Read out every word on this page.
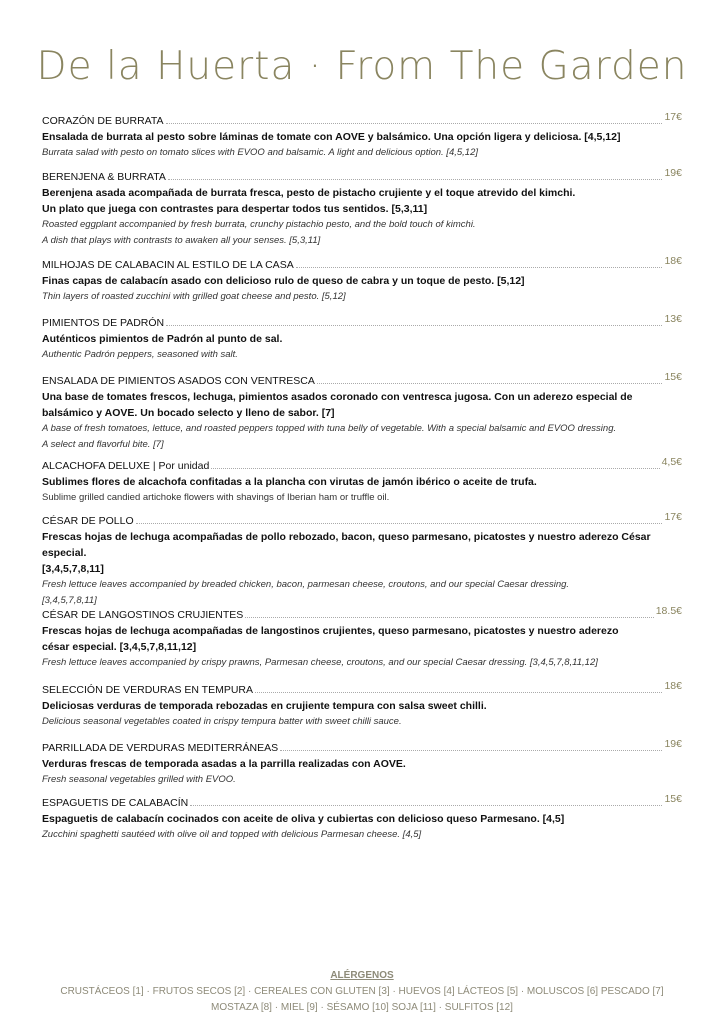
De la Huerta · From The Garden
CORAZÓN DE BURRATA	17€
Ensalada de burrata al pesto sobre láminas de tomate con AOVE y balsámico. Una opción ligera y deliciosa. [4,5,12]
Burrata salad with pesto on tomato slices with EVOO and balsamic. A light and delicious option. [4,5,12]
BERENJENA & BURRATA	19€
Berenjena asada acompañada de burrata fresca, pesto de pistacho crujiente y el toque atrevido del kimchi.
Un plato que juega con contrastes para despertar todos tus sentidos. [5,3,11]
Roasted eggplant accompanied by fresh burrata, crunchy pistachio pesto, and the bold touch of kimchi.
A dish that plays with contrasts to awaken all your senses. [5,3,11]
MILHOJAS DE CALABACIN AL ESTILO DE LA CASA	18€
Finas capas de calabacín asado con delicioso rulo de queso de cabra y un toque de pesto. [5,12]
Thin layers of roasted zucchini with grilled goat cheese and pesto. [5,12]
PIMIENTOS DE PADRÓN	13€
Auténticos pimientos de Padrón al punto de sal.
Authentic Padrón peppers, seasoned with salt.
ENSALADA DE PIMIENTOS ASADOS CON VENTRESCA	15€
Una base de tomates frescos, lechuga, pimientos asados coronado con ventresca jugosa. Con un aderezo especial de
balsámico y AOVE. Un bocado selecto y lleno de sabor. [7]
A base of fresh tomatoes, lettuce, and roasted peppers topped with tuna belly of vegetable. With a special balsamic and EVOO dressing.
A select and flavorful bite. [7]
ALCACHOFA DELUXE | Por unidad	4,5€
Sublimes flores de alcachofa confitadas a la plancha con virutas de jamón ibérico o aceite de trufa.
Sublime grilled candied artichoke flowers with shavings of Iberian ham or truffle oil.
CÉSAR DE POLLO	17€
Frescas hojas de lechuga acompañadas de pollo rebozado, bacon, queso parmesano, picatostes y nuestro aderezo César especial.
[3,4,5,7,8,11]
Fresh lettuce leaves accompanied by breaded chicken, bacon, parmesan cheese, croutons, and our special Caesar dressing.
[3,4,5,7,8,11]
CÉSAR DE LANGOSTINOS CRUJIENTES	18.5€
Frescas hojas de lechuga acompañadas de langostinos crujientes, queso parmesano, picatostes y nuestro aderezo
césar especial. [3,4,5,7,8,11,12]
Fresh lettuce leaves accompanied by crispy prawns, Parmesan cheese, croutons, and our special Caesar dressing. [3,4,5,7,8,11,12]
SELECCIÓN DE VERDURAS EN TEMPURA	18€
Deliciosas verduras de temporada rebozadas en crujiente tempura con salsa sweet chilli.
Delicious seasonal vegetables coated in crispy tempura batter with sweet chilli sauce.
PARRILLADA DE VERDURAS MEDITERRÁNEAS	19€
Verduras frescas de temporada asadas a la parrilla realizadas con AOVE.
Fresh seasonal vegetables grilled with EVOO.
ESPAGUETIS DE CALABACÍN	15€
Espaguetis de calabacín cocinados con aceite de oliva y cubiertas con delicioso queso Parmesano. [4,5]
Zucchini spaghetti sautéed with olive oil and topped with delicious Parmesan cheese. [4,5]
ALÉRGENOS
CRUSTÁCEOS [1] · FRUTOS SECOS [2] · CEREALES CON GLUTEN [3] · HUEVOS [4] LÁCTEOS [5] · MOLUSCOS [6] PESCADO [7]
MOSTAZA [8] · MIEL [9] · SÉSAMO [10] SOJA [11] · SULFITOS [12]
